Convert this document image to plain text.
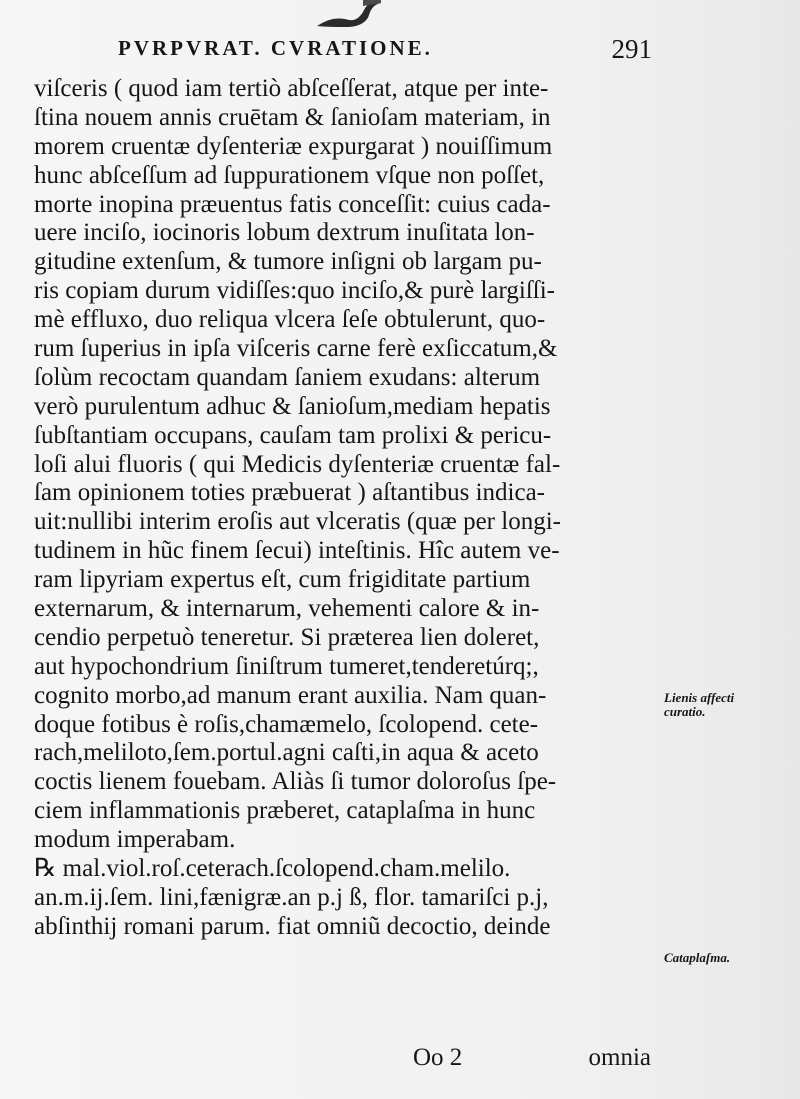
PVRPVRAT. CVRATIONE.	291
viſceris ( quod iam tertiò abſceſſerat, atque per inte-
ſtina nouem annis cruētam & ſanioſam materiam, in
morem cruentæ dyſenteriæ expurgarat ) nouiſſimum
hunc abſceſſum ad ſuppurationem vſque non poſſet,
morte inopina præuentus fatis conceſſit: cuius cada-
uere inciſo, iocinoris lobum dextrum inuſitata lon-
gitudine extenſum, & tumore inſigni ob largam pu-
ris copiam durum vidiſſes:quo inciſo,& purè largiſſi-
mè effluxo, duo reliqua vlcera ſeſe obtulerunt, quo-
rum ſuperius in ipſa viſceris carne ferè exſiccatum,&
ſolùm recoctam quandam ſaniem exudans: alterum
verò purulentum adhuc & ſanioſum,mediam hepatis
ſubſtantiam occupans, cauſam tam prolixi & pericu-
loſi alui fluoris ( qui Medicis dyſenteriæ cruentæ fal-
ſam opinionem toties præbuerat ) aſtantibus indica-
uit:nullibi interim eroſis aut vlceratis (quæ per longi-
tudinem in hũc finem ſecui) inteſtinis. Hîc autem ve-
ram lipyriam expertus eſt, cum frigiditate partium
externarum, & internarum, vehementi calore & in-
cendio perpetuò teneretur. Si præterea lien doleret,
aut hypochondrium ſiniſtrum tumeret,tenderetúrq;,
cognito morbo,ad manum erant auxilia. Nam quan-
doque fotibus è roſis,chamæmelo, ſcolopend. cete-
rach,meliloto,ſem.portul.agni caſti,in aqua & aceto
coctis lienem fouebam. Aliàs ſi tumor doloroſus ſpe-
ciem inflammationis præberet, cataplaſma in hunc
modum imperabam.
℞ mal.viol.roſ.ceterach.ſcolopend.cham.melilo.
an.m.ij.ſem. lini,fænigræ.an p.j ß, flor. tamariſci p.j,
abſinthij romani parum. fiat omniũ decoctio, deinde
Lienis affecti
curatio.
Cataplaſma.
Oo 2	omnia
